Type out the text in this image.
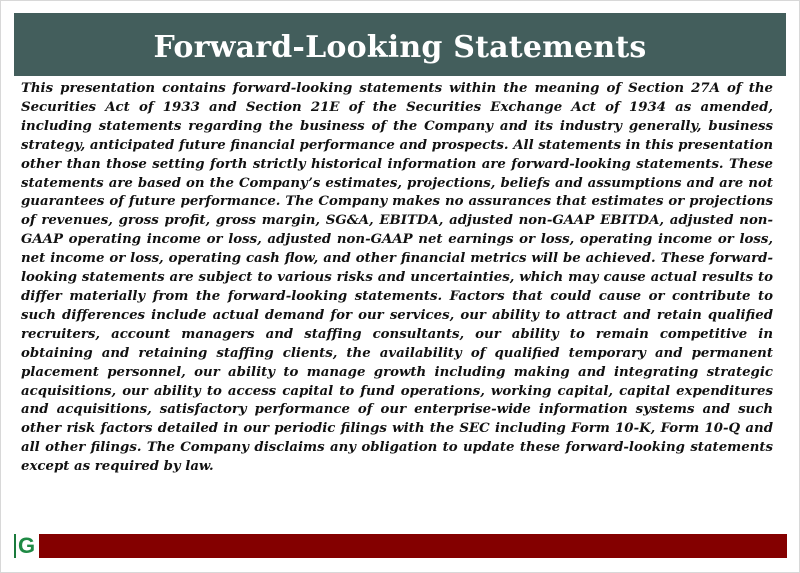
Forward-Looking Statements

This presentation contains forward-looking statements within the meaning of Section 27A of the Securities Act of 1933 and Section 21E of the Securities Exchange Act of 1934 as amended, including statements regarding the business of the Company and its industry generally, business strategy, anticipated future financial performance and prospects. All statements in this presentation other than those setting forth strictly historical information are forward-looking statements. These statements are based on the Company’s estimates, projections, beliefs and assumptions and are not guarantees of future performance. The Company makes no assurances that estimates or projections of revenues, gross profit, gross margin, SG&A, EBITDA, adjusted non-GAAP EBITDA, adjusted non-GAAP operating income or loss, adjusted non-GAAP net earnings or loss, operating income or loss, net income or loss, operating cash flow, and other financial metrics will be achieved. These forward-looking statements are subject to various risks and uncertainties, which may cause actual results to differ materially from the forward-looking statements. Factors that could cause or contribute to such differences include actual demand for our services, our ability to attract and retain qualified recruiters, account managers and staffing consultants, our ability to remain competitive in obtaining and retaining staffing clients, the availability of qualified temporary and permanent placement personnel, our ability to manage growth including making and integrating strategic acquisitions, our ability to access capital to fund operations, working capital, capital expenditures and acquisitions, satisfactory performance of our enterprise-wide information systems and such other risk factors detailed in our periodic filings with the SEC including Form 10-K, Form 10-Q and all other filings. The Company disclaims any obligation to update these forward-looking statements except as required by law.

G
